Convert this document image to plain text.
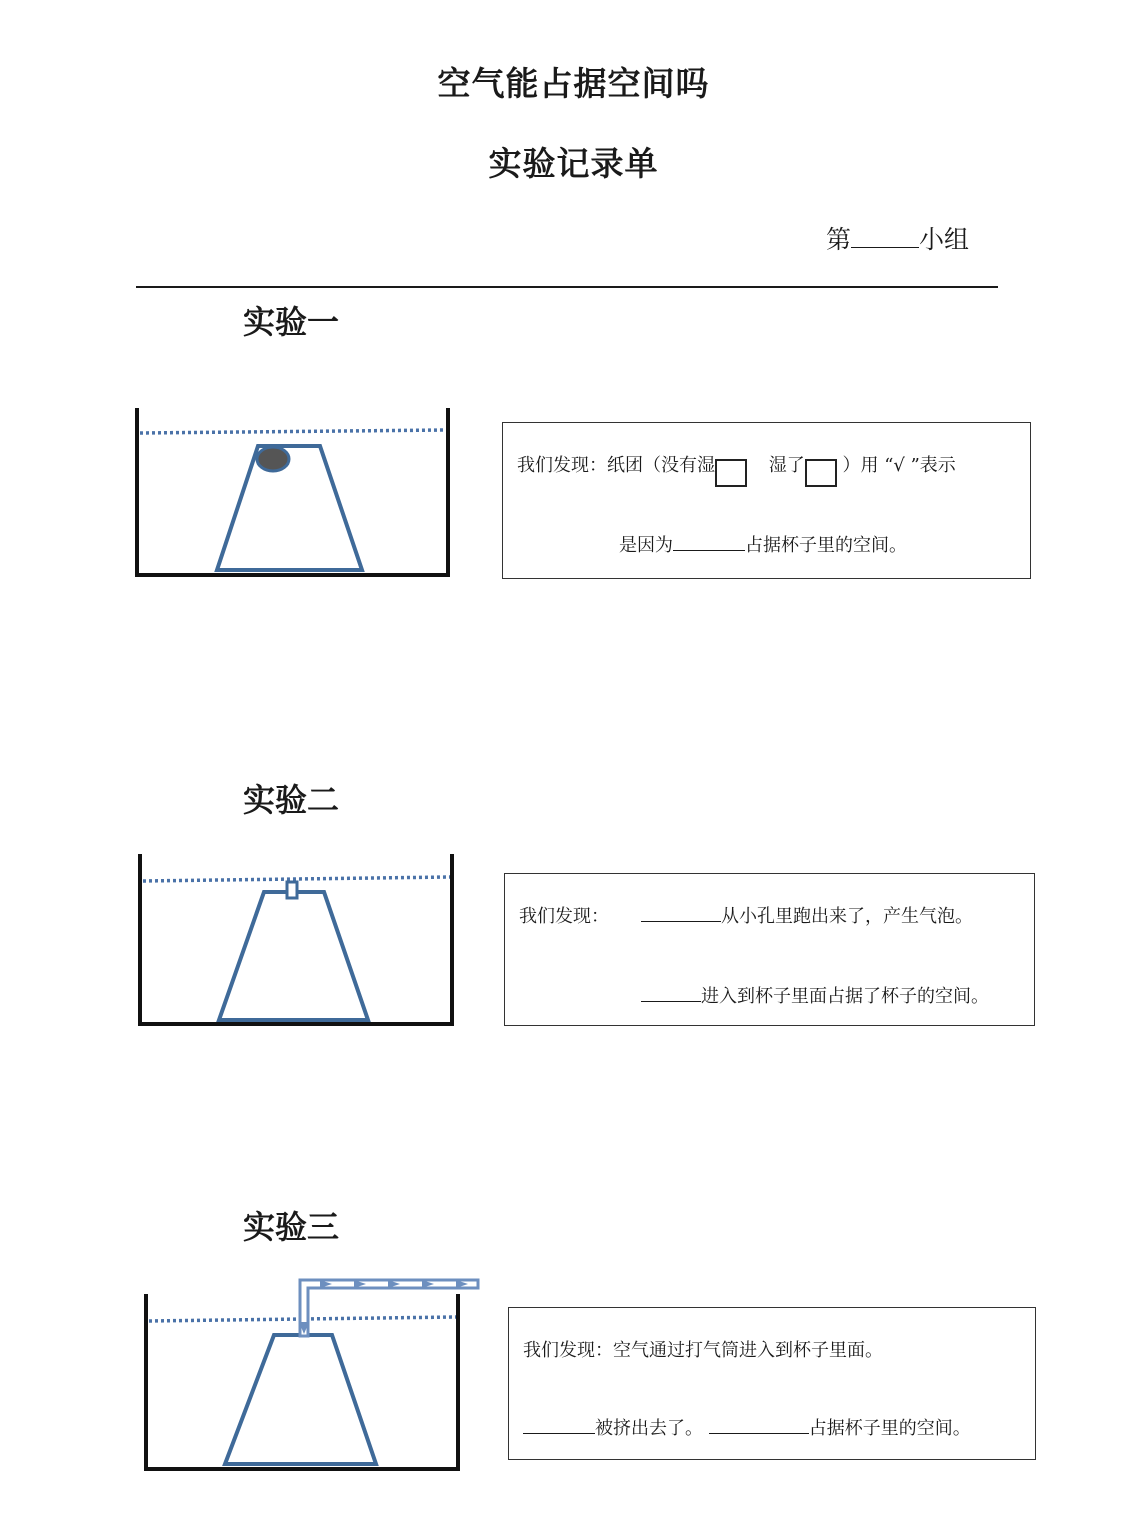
空气能占据空间吗
实验记录单
第	小组
实验一
我们发现：纸团（没有湿	湿了 ）用 “√ ”表示
是因为	占据杯子里的空间。
实验二
我们发现：	从小孔里跑出来了，产生气泡。
进入到杯子里面占据了杯子的空间。
实验三
我们发现：空气通过打气筒进入到杯子里面。
被挤出去了。	占据杯子里的空间。
